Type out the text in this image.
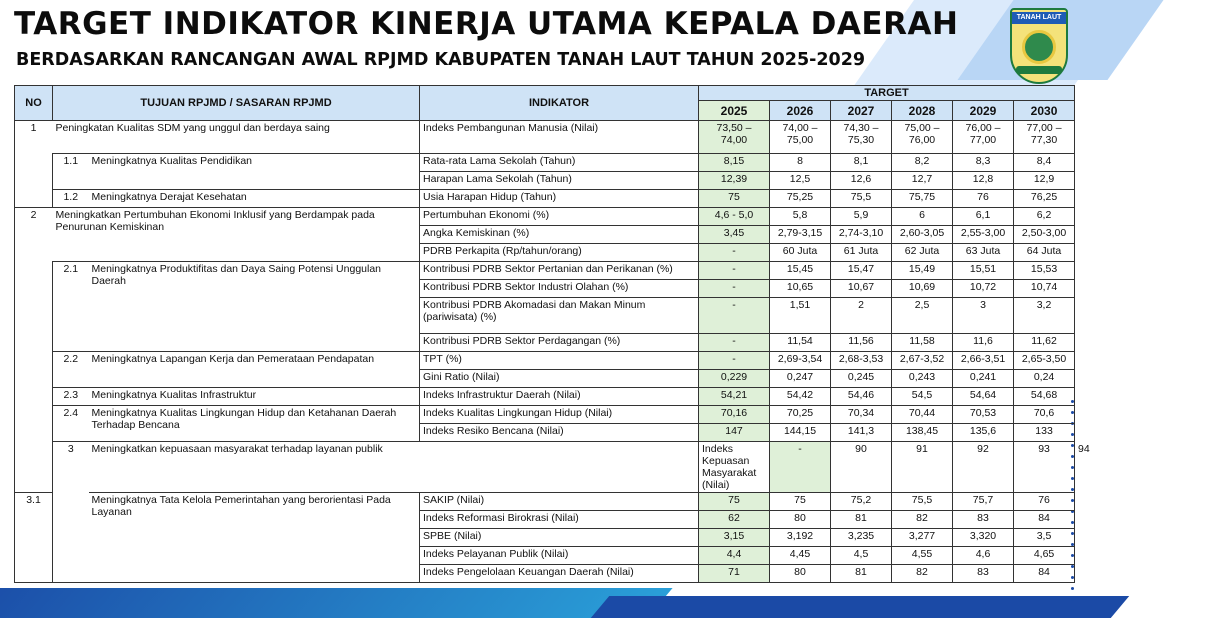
TARGET INDIKATOR KINERJA UTAMA KEPALA DAERAH
BERDASARKAN RANCANGAN AWAL RPJMD KABUPATEN TANAH LAUT TAHUN 2025-2029
TANAH LAUT
NO	TUJUAN RPJMD / SASARAN RPJMD		INDIKATOR	TARGET						
				2025	2026	2027	2028	2029	2030	
1	Peningkatan Kualitas SDM yang unggul dan berdaya saing		Indeks Pembangunan Manusia (Nilai)	73,50 – 74,00	74,00 – 75,00	74,30 – 75,30	75,00 – 76,00	76,00 – 77,00	77,00 – 77,30	
	1.1	Meningkatnya Kualitas Pendidikan	Rata-rata Lama Sekolah (Tahun)	8,15	8	8,1	8,2	8,3	8,4	
			Harapan Lama Sekolah (Tahun)	12,39	12,5	12,6	12,7	12,8	12,9	
	1.2	Meningkatnya Derajat Kesehatan	Usia Harapan Hidup (Tahun)	75	75,25	75,5	75,75	76	76,25	

2	Meningkatkan Pertumbuhan Ekonomi Inklusif yang Berdampak pada Penurunan Kemiskinan		Pertumbuhan Ekonomi (%)	4,6 - 5,0	5,8	5,9	6	6,1	6,2	
			Angka Kemiskinan (%)	3,45	2,79-3,15	2,74-3,10	2,60-3,05	2,55-3,00	2,50-3,00	
			PDRB Perkapita (Rp/tahun/orang)	-	60 Juta	61 Juta	62 Juta	63 Juta	64 Juta	
	2.1	Meningkatnya Produktifitas dan Daya Saing Potensi Unggulan Daerah	Kontribusi PDRB Sektor Pertanian dan Perikanan (%)	-	15,45	15,47	15,49	15,51	15,53	
			Kontribusi PDRB Sektor Industri Olahan (%)	-	10,65	10,67	10,69	10,72	10,74	
			Kontribusi PDRB Akomadasi dan Makan Minum (pariwisata) (%)	-	1,51	2	2,5	3	3,2	
			Kontribusi PDRB Sektor Perdagangan (%)	-	11,54	11,56	11,58	11,6	11,62	
	2.2	Meningkatnya Lapangan Kerja dan Pemerataan Pendapatan	TPT (%)	-	2,69-3,54	2,68-3,53	2,67-3,52	2,66-3,51	2,65-3,50	
			Gini Ratio (Nilai)	0,229	0,247	0,245	0,243	0,241	0,24	
	2.3	Meningkatnya Kualitas Infrastruktur	Indeks Infrastruktur Daerah (Nilai)	54,21	54,42	54,46	54,5	54,64	54,68	
	2.4	Meningkatnya Kualitas Lingkungan Hidup dan Ketahanan Daerah Terhadap Bencana	Indeks Kualitas Lingkungan Hidup (Nilai)	70,16	70,25	70,34	70,44	70,53	70,6	
			Indeks Resiko Bencana (Nilai)	147	144,15	141,3	138,45	135,6	133	
	3	Meningkatkan kepuasaan masyarakat terhadap layanan publik		Indeks Kepuasan Masyarakat (Nilai)	-	90	91	92	93	94
3.1		Meningkatnya Tata Kelola Pemerintahan yang berorientasi Pada Layanan	SAKIP (Nilai)	75	75	75,2	75,5	75,7	76	
			Indeks Reformasi Birokrasi (Nilai)	62	80	81	82	83	84	
			SPBE (Nilai)	3,15	3,192	3,235	3,277	3,320	3,5	
			Indeks Pelayanan Publik (Nilai)	4,4	4,45	4,5	4,55	4,6	4,65	
			Indeks Pengelolaan Keuangan Daerah (Nilai)	71	80	81	82	83	84	
